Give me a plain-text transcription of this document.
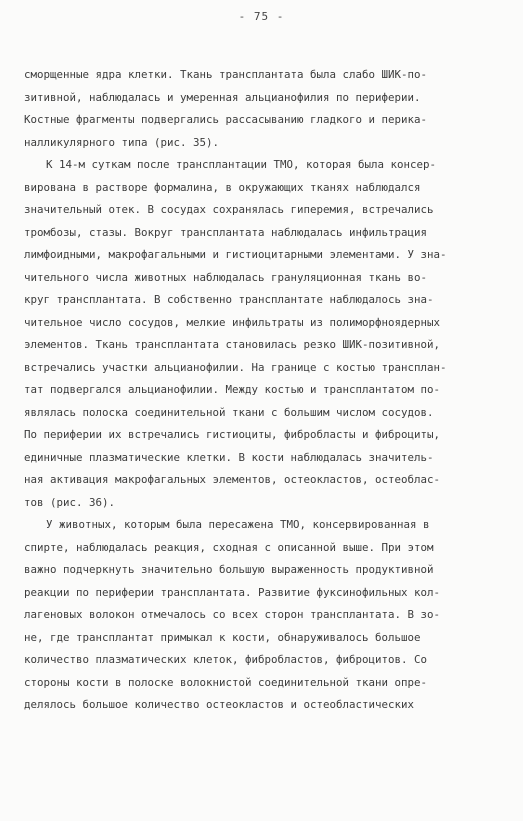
- 75 -
сморщенные ядра клетки. Ткань трансплантата была слабо ШИК-по-
зитивной, наблюдалась и умеренная альцианофилия по периферии.
Костные фрагменты подвергались рассасыванию гладкого и перика-
налликулярного типа (рис. 35).
К 14-м суткам после трансплантации ТМО, которая была консер-
вирована в растворе формалина, в окружающих тканях наблюдался
значительный отек. В сосудах сохранялась гиперемия, встречались
тромбозы, стазы. Вокруг трансплантата наблюдалась инфильтрация
лимфоидными, макрофагальными и гистиоцитарными элементами. У зна-
чительного числа животных наблюдалась грануляционная ткань во-
круг трансплантата. В собственно трансплантате наблюдалось зна-
чительное число сосудов, мелкие инфильтраты из полиморфноядерных
элементов. Ткань трансплантата становилась резко ШИК-позитивной,
встречались участки альцианофилии. На границе с костью трансплан-
тат подвергался альцианофилии. Между костью и трансплантатом по-
являлась полоска соединительной ткани с большим числом сосудов.
По периферии их встречались гистиоциты, фибробласты и фиброциты,
единичные плазматические клетки. В кости наблюдалась значитель-
ная активация макрофагальных элементов, остеокластов, остеоблас-
тов (рис. 36).
У животных, которым была пересажена ТМО, консервированная в
спирте, наблюдалась реакция, сходная с описанной выше. При этом
важно подчеркнуть значительно большую выраженность продуктивной
реакции по периферии трансплантата. Развитие фуксинофильных кол-
лагеновых волокон отмечалось со всех сторон трансплантата. В зо-
не, где трансплантат примыкал к кости, обнаруживалось большое
количество плазматических клеток, фибробластов, фиброцитов. Со
стороны кости в полоске волокнистой соединительной ткани опре-
делялось большое количество остеокластов и остеобластических
